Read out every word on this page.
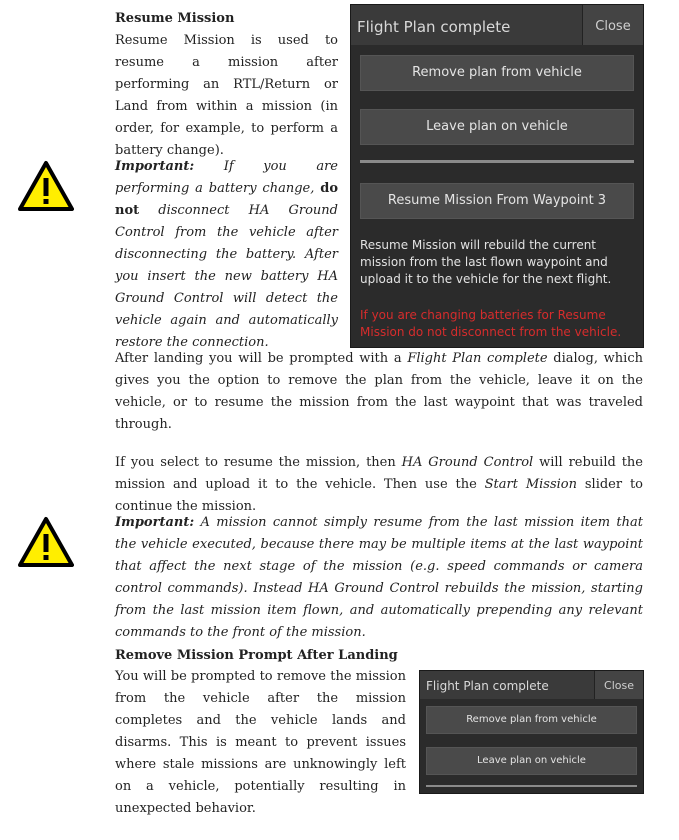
Resume Mission
Resume Mission is used to resume a mission after performing an RTL/Return or Land from within a mission (in order, for example, to perform a battery change).
Important: If you are performing a battery change, do not disconnect HA Ground Control from the vehicle after disconnecting the battery. After you insert the new battery HA Ground Control will detect the vehicle again and automatically restore the connection.
After landing you will be prompted with a Flight Plan complete dialog, which gives you the option to remove the plan from the vehicle, leave it on the vehicle, or to resume the mission from the last waypoint that was traveled through.
If you select to resume the mission, then HA Ground Control will rebuild the mission and upload it to the vehicle. Then use the Start Mission slider to continue the mission.
Important: A mission cannot simply resume from the last mission item that the vehicle executed, because there may be multiple items at the last waypoint that affect the next stage of the mission (e.g. speed commands or camera control commands). Instead HA Ground Control rebuilds the mission, starting from the last mission item flown, and automatically prepending any relevant commands to the front of the mission.
Remove Mission Prompt After Landing
You will be prompted to remove the mission from the vehicle after the mission completes and the vehicle lands and disarms. This is meant to prevent issues where stale missions are unknowingly left on a vehicle, potentially resulting in unexpected behavior.
Flight Plan complete	Close
Remove plan from vehicle
Leave plan on vehicle
Resume Mission From Waypoint 3
Resume Mission will rebuild the current mission from the last flown waypoint and upload it to the vehicle for the next flight.
If you are changing batteries for Resume Mission do not disconnect from the vehicle.
Flight Plan complete	Close
Remove plan from vehicle
Leave plan on vehicle
